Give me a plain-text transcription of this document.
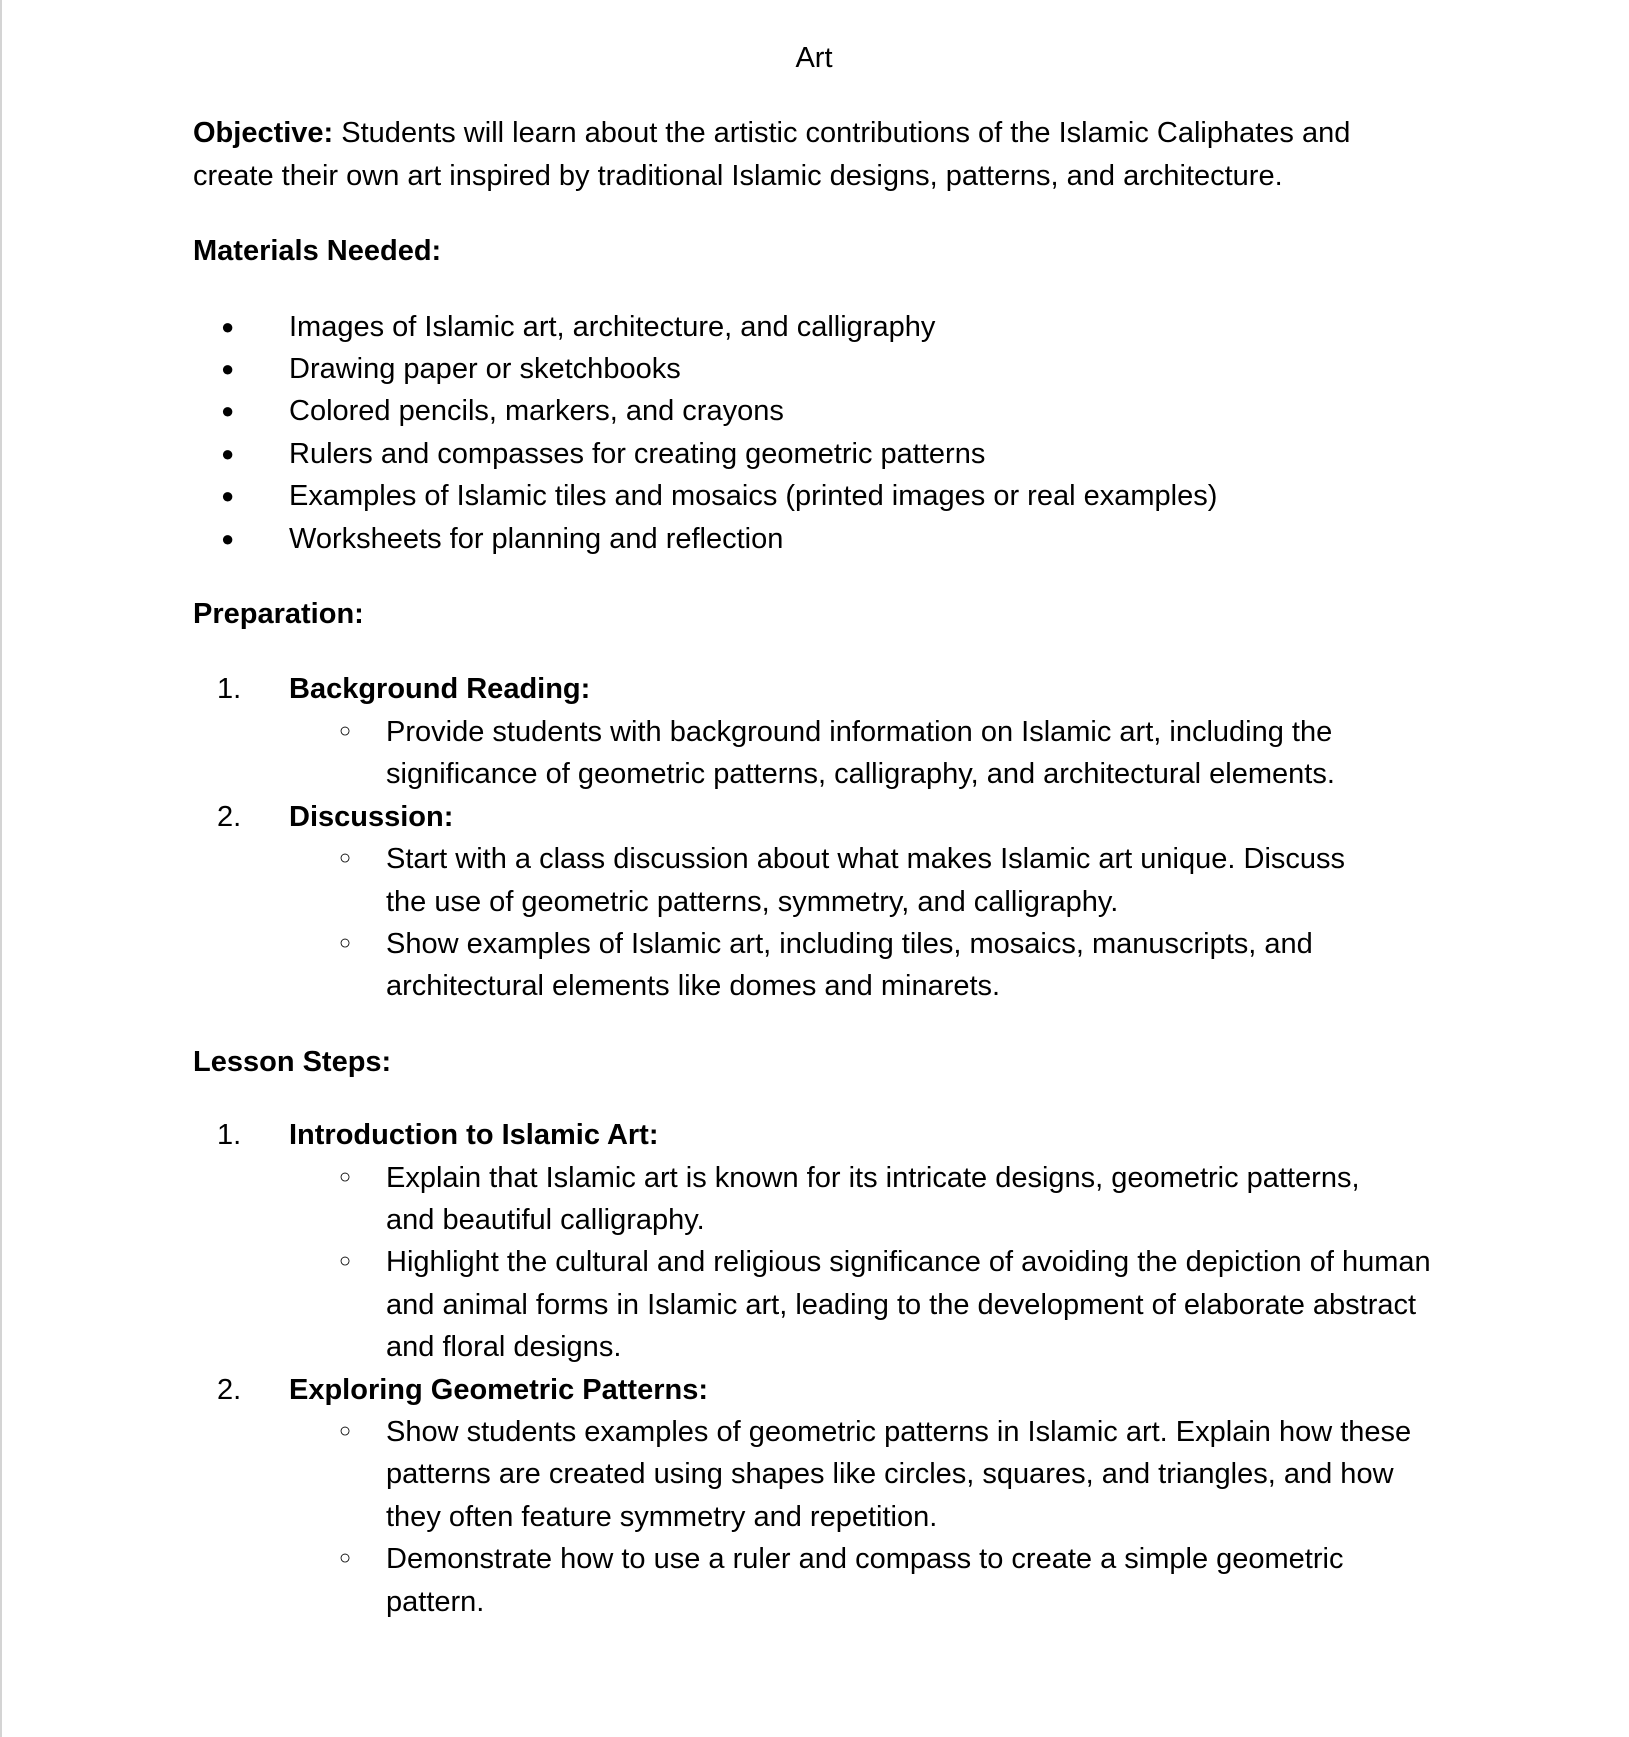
Art

Objective: Students will learn about the artistic contributions of the Islamic Caliphates and create their own art inspired by traditional Islamic designs, patterns, and architecture.

Materials Needed:
● Images of Islamic art, architecture, and calligraphy
● Drawing paper or sketchbooks
● Colored pencils, markers, and crayons
● Rulers and compasses for creating geometric patterns
● Examples of Islamic tiles and mosaics (printed images or real examples)
● Worksheets for planning and reflection
Preparation:
1. Background Reading:
○ Provide students with background information on Islamic art, including the significance of geometric patterns, calligraphy, and architectural elements.
2. Discussion:
○ Start with a class discussion about what makes Islamic art unique. Discuss the use of geometric patterns, symmetry, and calligraphy.
○ Show examples of Islamic art, including tiles, mosaics, manuscripts, and architectural elements like domes and minarets.
Lesson Steps:
1. Introduction to Islamic Art:
○ Explain that Islamic art is known for its intricate designs, geometric patterns, and beautiful calligraphy.
○ Highlight the cultural and religious significance of avoiding the depiction of human and animal forms in Islamic art, leading to the development of elaborate abstract and floral designs.
2. Exploring Geometric Patterns:
○ Show students examples of geometric patterns in Islamic art. Explain how these patterns are created using shapes like circles, squares, and triangles, and how they often feature symmetry and repetition.
○ Demonstrate how to use a ruler and compass to create a simple geometric pattern.
